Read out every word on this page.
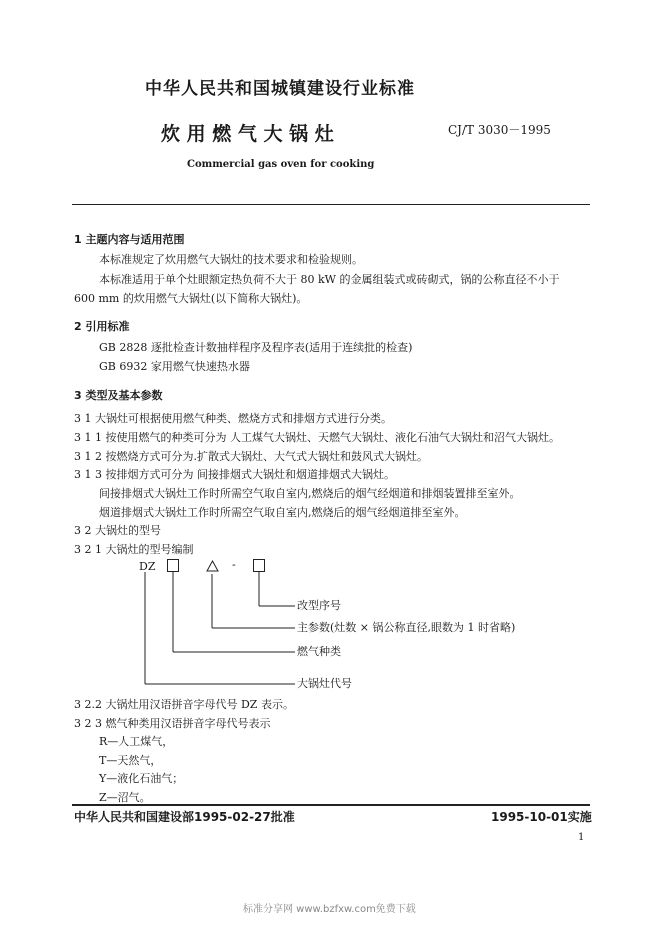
中华人民共和国城镇建设行业标准
炊 用 燃 气 大 锅 灶	CJ/T 3030－1995
Commercial gas oven for cooking
1 主题内容与适用范围
本标准规定了炊用燃气大锅灶的技术要求和检验规则。
本标准适用于单个灶眼额定热负荷不大于 80 kW 的金属组装式或砖砌式，锅的公称直径不小于
600 mm 的炊用燃气大锅灶(以下简称大锅灶)。
2 引用标准
GB 2828 逐批检查计数抽样程序及程序表(适用于连续批的检查)
GB 6932 家用燃气快速热水器
3 类型及基本参数
3 1 大锅灶可根据使用燃气种类、燃烧方式和排烟方式进行分类。
3 1 1 按使用燃气的种类可分为 人工煤气大锅灶、天燃气大锅灶、液化石油气大锅灶和沼气大锅灶。
3 1 2 按燃烧方式可分为.扩散式大锅灶、大气式大锅灶和鼓风式大锅灶。
3 1 3 按排烟方式可分为 间接排烟式大锅灶和烟道排烟式大锅灶。
间接排烟式大锅灶工作时所需空气取自室内,燃烧后的烟气经烟道和排烟装置排至室外。
烟道排烟式大锅灶工作时所需空气取自室内,燃烧后的烟气经烟道排至室外。
3 2 大锅灶的型号
3 2 1 大锅灶的型号编制
DZ	-
改型序号
主参数(灶数 × 锅公称直径,眼数为 1 时省略)
燃气种类
大锅灶代号
3 2.2 大锅灶用汉语拼音字母代号 DZ 表示。
3 2 3 燃气种类用汉语拼音字母代号表示
R—人工煤气，
T—天然气，
Y—液化石油气；
Z—沼气。
中华人民共和国建设部1995-02-27批准	1995-10-01实施
1
标准分享网 www.bzfxw.com免费下载
